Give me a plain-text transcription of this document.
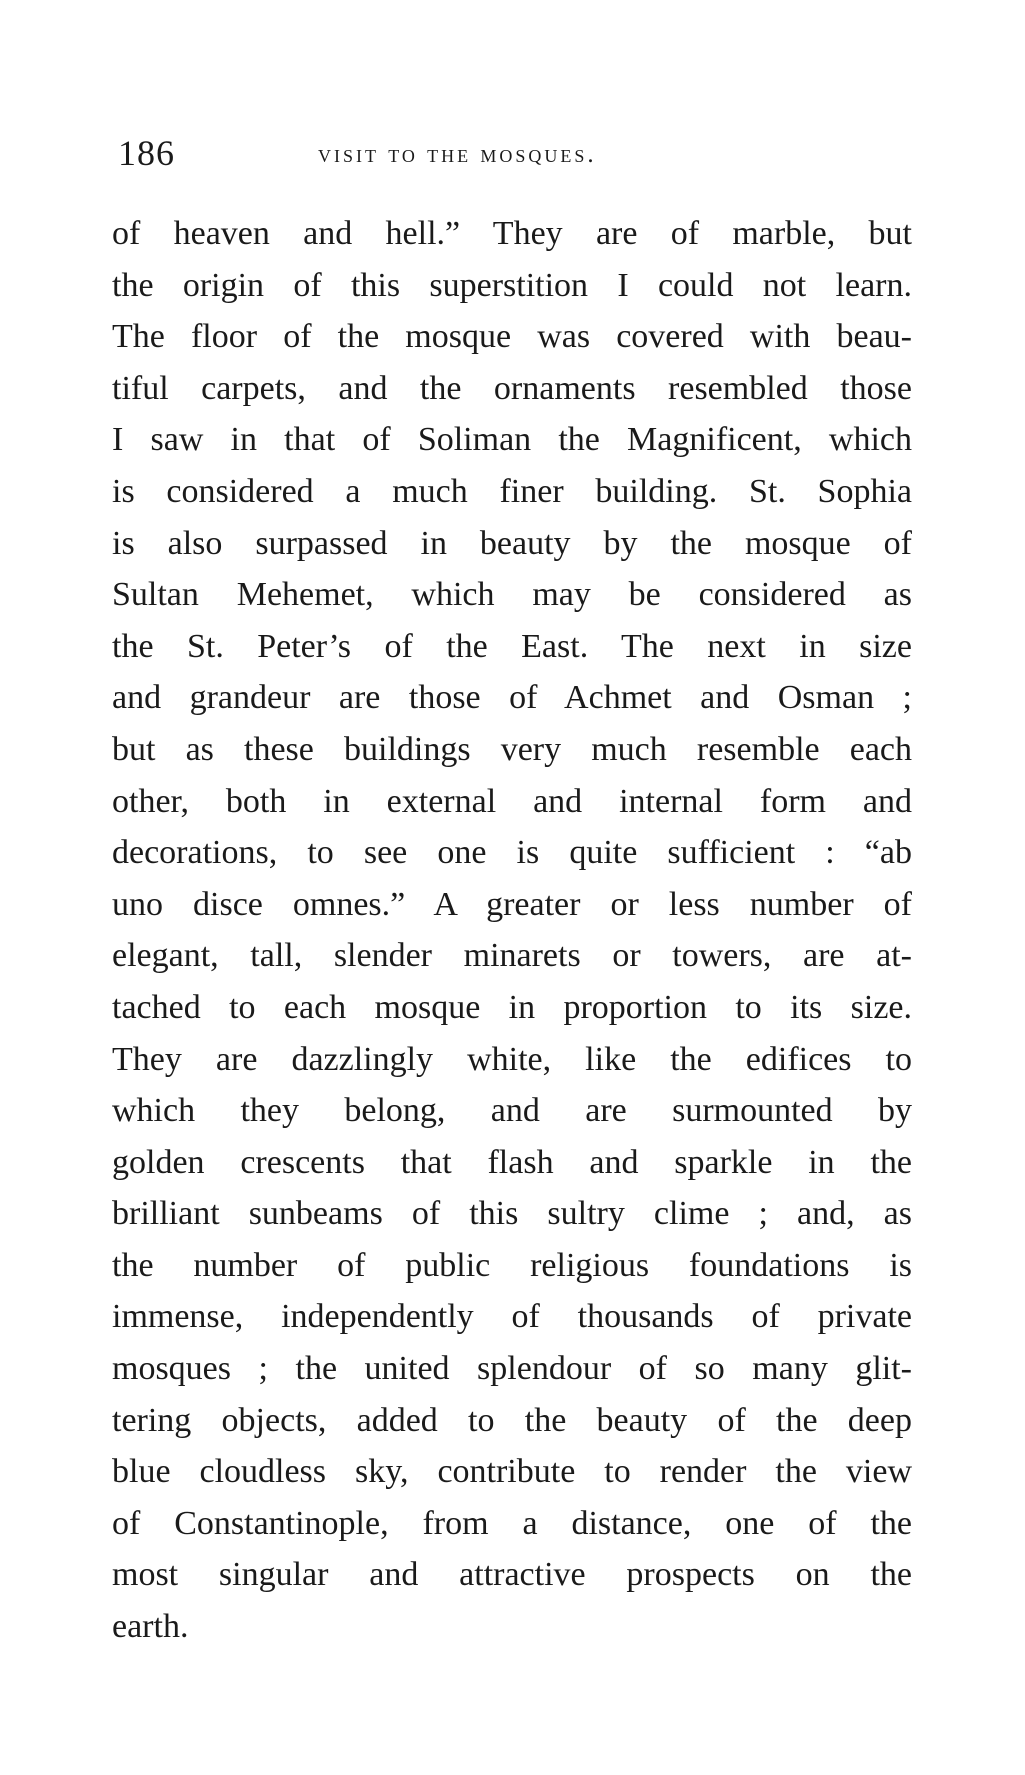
186	visit to the mosques.
of heaven and hell.” They are of marble, but
the origin of this superstition I could not learn.
The floor of the mosque was covered with beau-
tiful carpets, and the ornaments resembled those
I saw in that of Soliman the Magnificent, which
is considered a much finer building. St. Sophia
is also surpassed in beauty by the mosque of
Sultan Mehemet, which may be considered as
the St. Peter’s of the East. The next in size
and grandeur are those of Achmet and Osman ;
but as these buildings very much resemble each
other, both in external and internal form and
decorations, to see one is quite sufficient : “ab
uno disce omnes.” A greater or less number of
elegant, tall, slender minarets or towers, are at-
tached to each mosque in proportion to its size.
They are dazzlingly white, like the edifices to
which they belong, and are surmounted by
golden crescents that flash and sparkle in the
brilliant sunbeams of this sultry clime ; and, as
the number of public religious foundations is
immense, independently of thousands of private
mosques ; the united splendour of so many glit-
tering objects, added to the beauty of the deep
blue cloudless sky, contribute to render the view
of Constantinople, from a distance, one of the
most singular and attractive prospects on the
earth.
